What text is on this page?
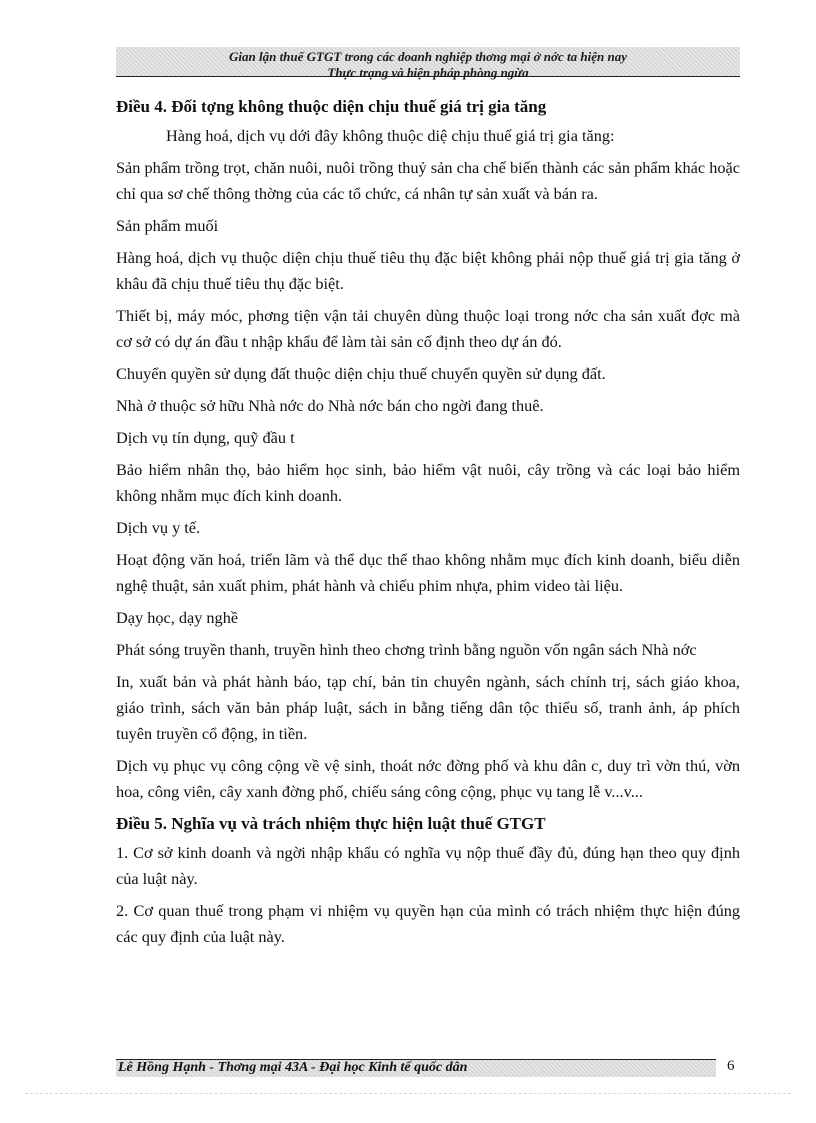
Gian lận thuế GTGT trong các doanh nghiệp thơng mại ở nớc ta hiện nay
Thực trạng và biện pháp phòng ngừa
Điều 4. Đối tợng không thuộc diện chịu thuế giá trị gia tăng

Hàng hoá, dịch vụ dới đây không thuộc diệ chịu thuế giá trị gia tăng:

Sản phẩm trồng trọt, chăn nuôi, nuôi trồng thuỷ sản cha chế biến thành các sản phẩm khác hoặc chỉ qua sơ chế thông thờng của các tổ chức, cá nhân tự sản xuất và bán ra.

Sản phẩm muối

Hàng hoá, dịch vụ thuộc diện chịu thuế tiêu thụ đặc biệt không phải nộp thuế giá trị gia tăng ở khâu đã chịu thuế tiêu thụ đặc biệt.

Thiết bị, máy móc, phơng tiện vận tải chuyên dùng thuộc loại trong nớc cha sản xuất đợc mà cơ sở có dự án đầu t nhập khẩu để làm tài sản cố định theo dự án đó.

Chuyển quyền sử dụng đất thuộc diện chịu thuế chuyển quyền sử dụng đất.

Nhà ở thuộc sở hữu Nhà nớc do Nhà nớc bán cho ngời đang thuê.

Dịch vụ tín dụng, quỹ đầu t

Bảo hiểm nhân thọ, bảo hiểm học sinh, bảo hiểm vật nuôi, cây trồng và các loại bảo hiểm không nhằm mục đích kinh doanh.

Dịch vụ y tế.

Hoạt động văn hoá, triển lãm và thể dục thể thao không nhằm mục đích kinh doanh, biểu diễn nghệ thuật, sản xuất phim, phát hành và chiếu phim nhựa, phim video tài liệu.

Dạy học, dạy nghề

Phát sóng truyền thanh, truyền hình theo chơng trình bằng nguồn vốn ngân sách Nhà nớc

In, xuất bản và phát hành báo, tạp chí, bản tin chuyên ngành, sách chính trị, sách giáo khoa, giáo trình, sách văn bản pháp luật, sách in bằng tiếng dân tộc thiểu số, tranh ảnh, áp phích tuyên truyền cổ động, in tiền.

Dịch vụ phục vụ công cộng về vệ sinh, thoát nớc đờng phố và khu dân c, duy trì vờn thú, vờn hoa, công viên, cây xanh đờng phố, chiếu sáng công cộng, phục vụ tang lễ v...v...

Điều 5. Nghĩa vụ và trách nhiệm thực hiện luật thuế GTGT

1. Cơ sở kinh doanh và ngời nhập khẩu có nghĩa vụ nộp thuế đầy đủ, đúng hạn theo quy định của luật này.

2. Cơ quan thuế trong phạm vi nhiệm vụ quyền hạn của mình có trách nhiệm thực hiện đúng các quy định của luật này.

Lê Hồng Hạnh - Thơng mại 43A - Đại học Kinh tế quốc dân	6
